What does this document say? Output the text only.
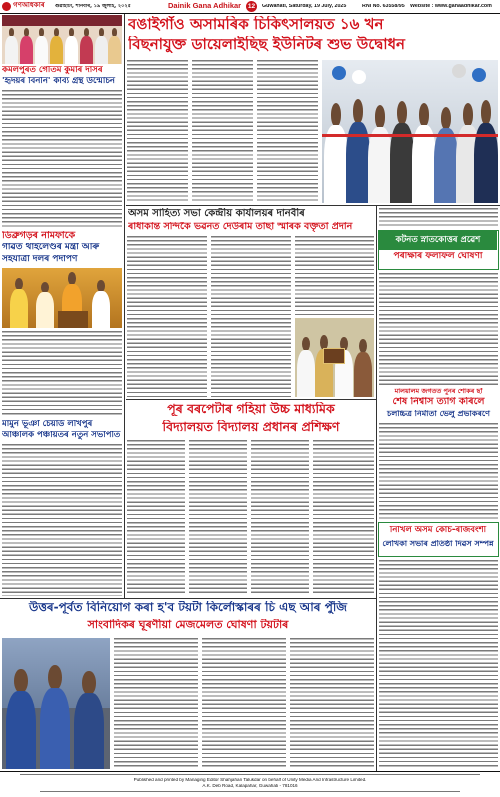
গণঅধিকাৰ	গুৱাহাটী, শনিবাৰ, ১৯ জুলাই, ২০২৫	Dainik Gana Adhikar	12	Guwahati, Saturday, 19 July, 2025	RNI No. 63558/95 Website : www.ganaadhikar.com
কমলপুৰত গৌতম কুমাৰ দাসৰ
'হৃদয়ৰ বিননি' কাব্য গ্ৰন্থ উন্মোচন
ডিব্ৰুগড়ৰ নামফাকে
গাঁৱত থাইলেণ্ডৰ মন্ত্ৰী আৰু
সহযাত্ৰী দলৰ পদাৰ্পণ
মামুন ভূঞা চেয়াৰ্ড লখিপুৰ
আঞ্চলিক পঞ্চায়তৰ নতুন সভাপতি
বঙাইগাঁও অসামৰিক চিকিৎসালয়ত ১৬ খন
বিছনাযুক্ত ডায়েলাইছিছ ইউনিটৰ শুভ উদ্বোধন
অসম সাহিত্য সভা কেন্দ্ৰীয় কাৰ্যালয়ৰ দানবীৰ
ৰাধাকান্ত সন্দিকৈ ভৱনত দেউৰাম তাছা স্মাৰক বক্তৃতা প্ৰদান
কটনত স্নাতকোত্তৰ প্ৰৱেশ
পৰীক্ষাৰ ফলাফল ঘোষণা
মালয়ালম জগতত পুনৰ শোকৰ ছাঁ
শেষ নিশ্বাস ত্যাগ কৰিলে
চলচ্চিত্ৰ নিৰ্মাতা ভেলু প্ৰভাকৰণে
নিখিল অসম কোচ-ৰাজবংশী
লেখিকা সভাৰ প্ৰতিষ্ঠা দিৱস সম্পন্ন
পূৰ বৰপেটাৰ গহিয়া উচ্চ মাধ্যমিক
বিদ্যালয়ত বিদ্যালয় প্ৰধানৰ প্ৰশিক্ষণ
উত্তৰ-পূৰ্বত বিনিয়োগ কৰা হ'ব টয়টা কিৰ্লোস্কাৰৰ চি এছ আৰ পুঁজি
সাংবাদিকৰ ঘূৰণীয়া মেজমেলত ঘোষণা টয়টাৰ
Published and printed by Managing Editor Shahjahan Talukdar on behalf of Unity Media And Infrastructure Limited.
A.K. Deb Road, Kalapahar, Guwahati - 781016
